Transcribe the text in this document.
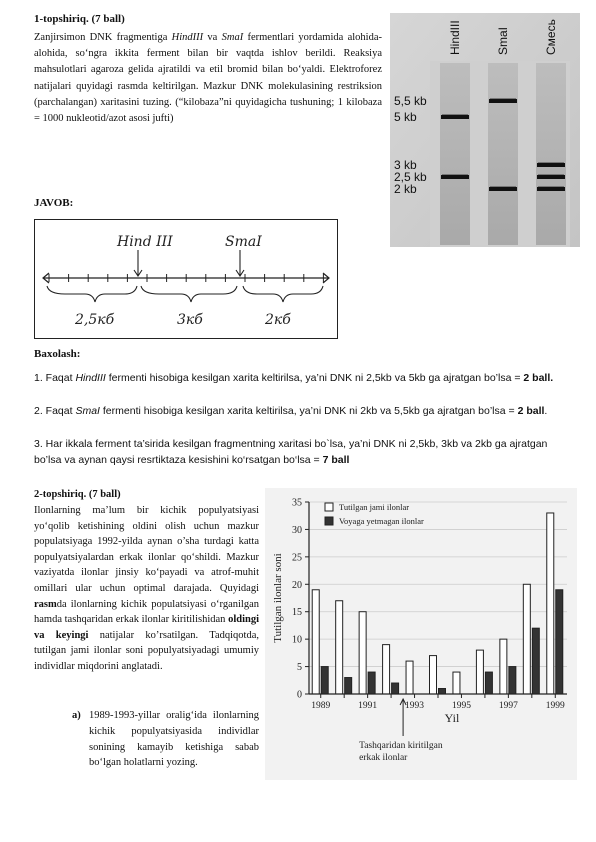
1-topshiriq. (7 ball)

Zanjirsimon DNK fragmentiga HindIII va SmaI fermentlari yordamida alohida- alohida, so‘ngra ikkita ferment bilan bir vaqtda ishlov berildi. Reaksiya mahsulotlari agaroza gelida ajratildi va etil bromid bilan bo‘yaldi. Elektroforez natijalari quyidagi rasmda keltirilgan. Mazkur DNK molekulasining restriksion (parchalangan) xaritasini tuzing. (“kilobaza”ni quyidagicha tushuning; 1 kilobaza = 1000 nukleotid/azot asosi jufti)

HindIII	SmaI	Смесь
5,5 kb
5 kb
3 kb
2,5 kb
2 kb
JAVOB:
Hind III	SmaI
2,5кб	3кб	2кб
Baxolash:

1. Faqat HindIII fermenti hisobiga kesilgan xarita keltirilsa, ya’ni DNK ni 2,5kb va 5kb ga ajratgan bo’lsa = 2 ball.

2. Faqat SmaI fermenti hisobiga kesilgan xarita keltirilsa, ya’ni DNK ni 2kb va 5,5kb ga ajratgan bo’lsa = 2 ball.

3. Har ikkala ferment ta’sirida kesilgan fragmentning xaritasi bo`lsa, ya’ni DNK ni 2,5kb, 3kb va 2kb ga ajratgan bo’lsa va aynan qaysi resrtiktaza kesishini ko‘rsatgan bo‘lsa = 7 ball

2-topshiriq. (7 ball)

Ilonlarning ma’lum bir kichik populyatsiyasi yo‘qolib ketishining oldini olish uchun mazkur populatsiyaga 1992-yilda aynan o’sha turdagi katta populyatsiyalardan erkak ilonlar qo‘shildi. Mazkur vaziyatda ilonlar jinsiy ko‘payadi va atrof-muhit omillari ular uchun optimal darajada. Quyidagi rasmda ilonlarning kichik populatsiyasi o‘rganilgan hamda tashqaridan erkak ilonlar kiritilishidan oldingi va keyingi natijalar ko’rsatilgan. Tadqiqotda, tutilgan jami ilonlar soni populyatsiyadagi umumiy individlar miqdorini anglatadi.

a) 1989-1993-yillar oralig‘ida ilonlarning kichik populyatsiyasida individlar sonining kamayib ketishiga sabab bo‘lgan holatlarni yozing.

0
5
10
15
20
25
30
35
1989	1991	1993	1995	1997	1999
Tutilgan ilonlar soni
Yil
Tutilgan jami ilonlar
Voyaga yetmagan ilonlar
Tashqaridan kiritilgan
erkak ilonlar
